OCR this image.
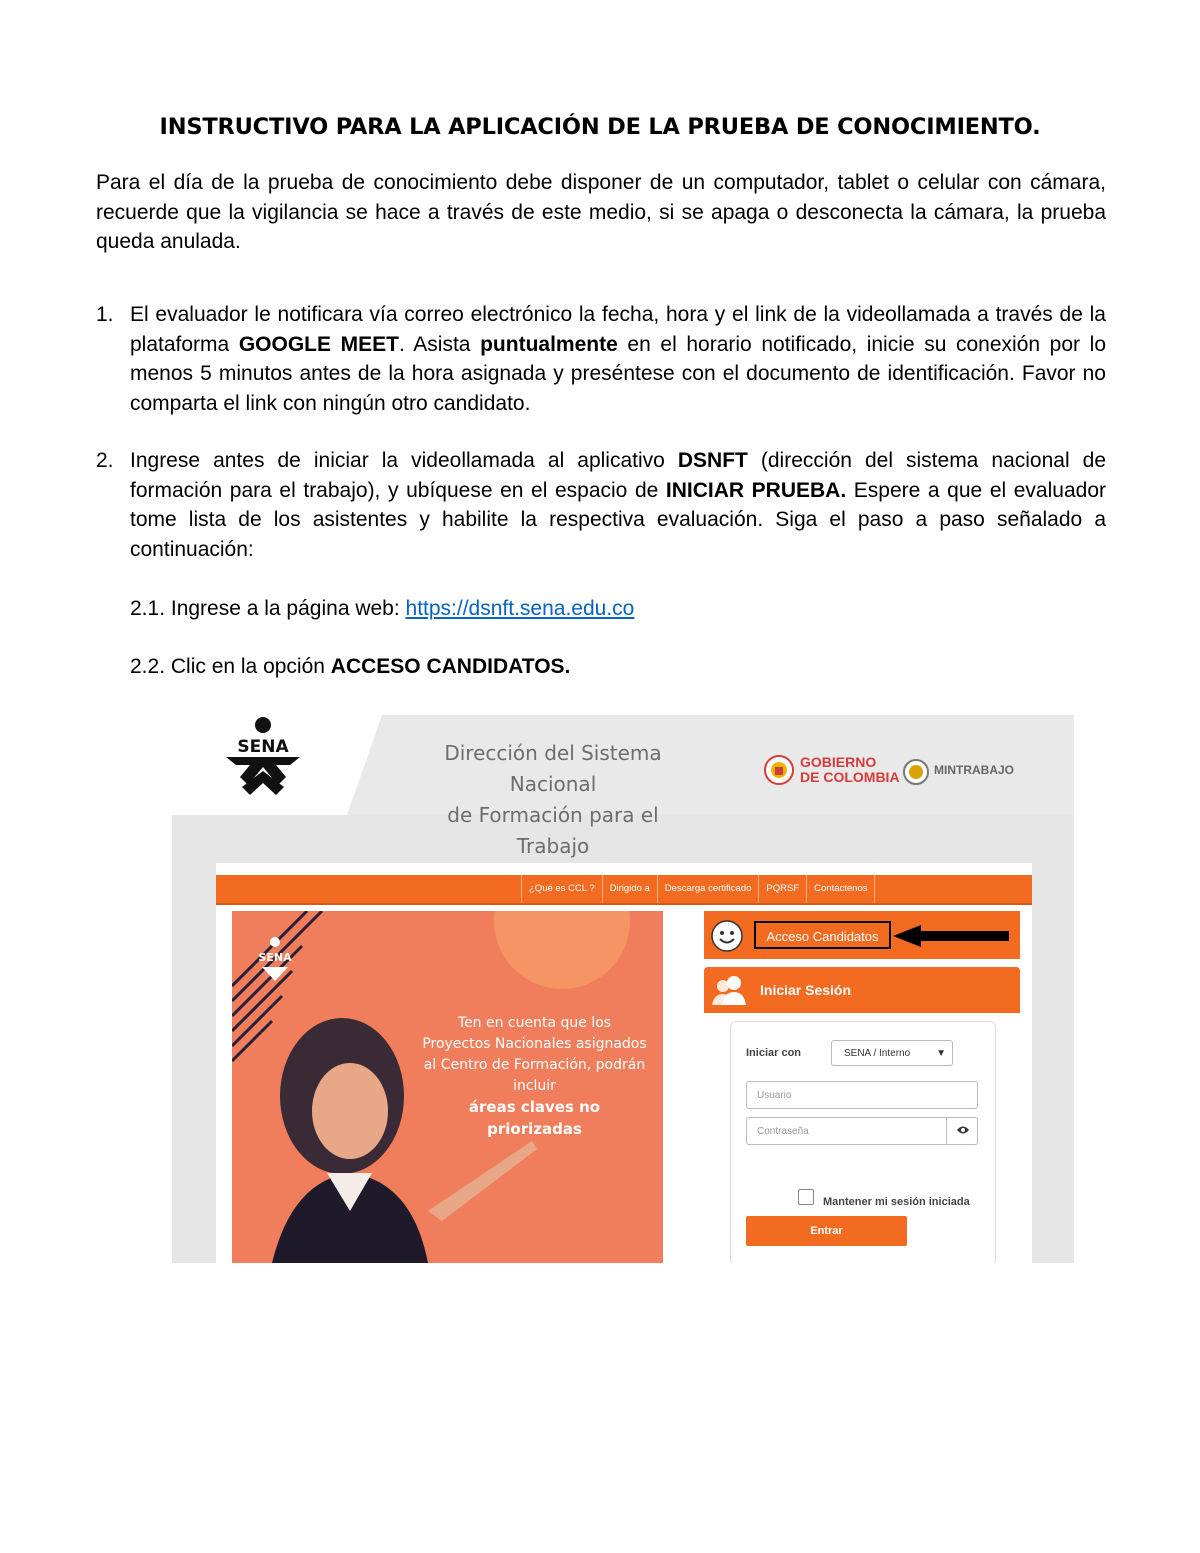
INSTRUCTIVO PARA LA APLICACIÓN DE LA PRUEBA DE CONOCIMIENTO.
Para el día de la prueba de conocimiento debe disponer de un computador, tablet o celular con cámara, recuerde que la vigilancia se hace a través de este medio, si se apaga o desconecta la cámara, la prueba queda anulada.
1. El evaluador le notificara vía correo electrónico la fecha, hora y el link de la videollamada a través de la plataforma GOOGLE MEET. Asista puntualmente en el horario notificado, inicie su conexión por lo menos 5 minutos antes de la hora asignada y preséntese con el documento de identificación. Favor no comparta el link con ningún otro candidato.
2. Ingrese antes de iniciar la videollamada al aplicativo DSNFT (dirección del sistema nacional de formación para el trabajo), y ubíquese en el espacio de INICIAR PRUEBA. Espere a que el evaluador tome lista de los asistentes y habilite la respectiva evaluación. Siga el paso a paso señalado a continuación:
2.1. Ingrese a la página web: https://dsnft.sena.edu.co
2.2. Clic en la opción ACCESO CANDIDATOS.
SENA	Dirección del Sistema Nacional
de Formación para el Trabajo
GOBIERNO
DE COLOMBIA	MINTRABAJO
¿Qué es CCL ?	Dirigido a	Descarga certificado	PQRSF	Contáctenos
SENA
Ten en cuenta que los Proyectos Nacionales asignados al Centro de Formación, podrán incluir
áreas claves no priorizadas
Acceso Candidatos
Iniciar Sesión
Iniciar con	SENA / Interno	▼
Usuario
Contraseña
Mantener mi sesión iniciada
Entrar
